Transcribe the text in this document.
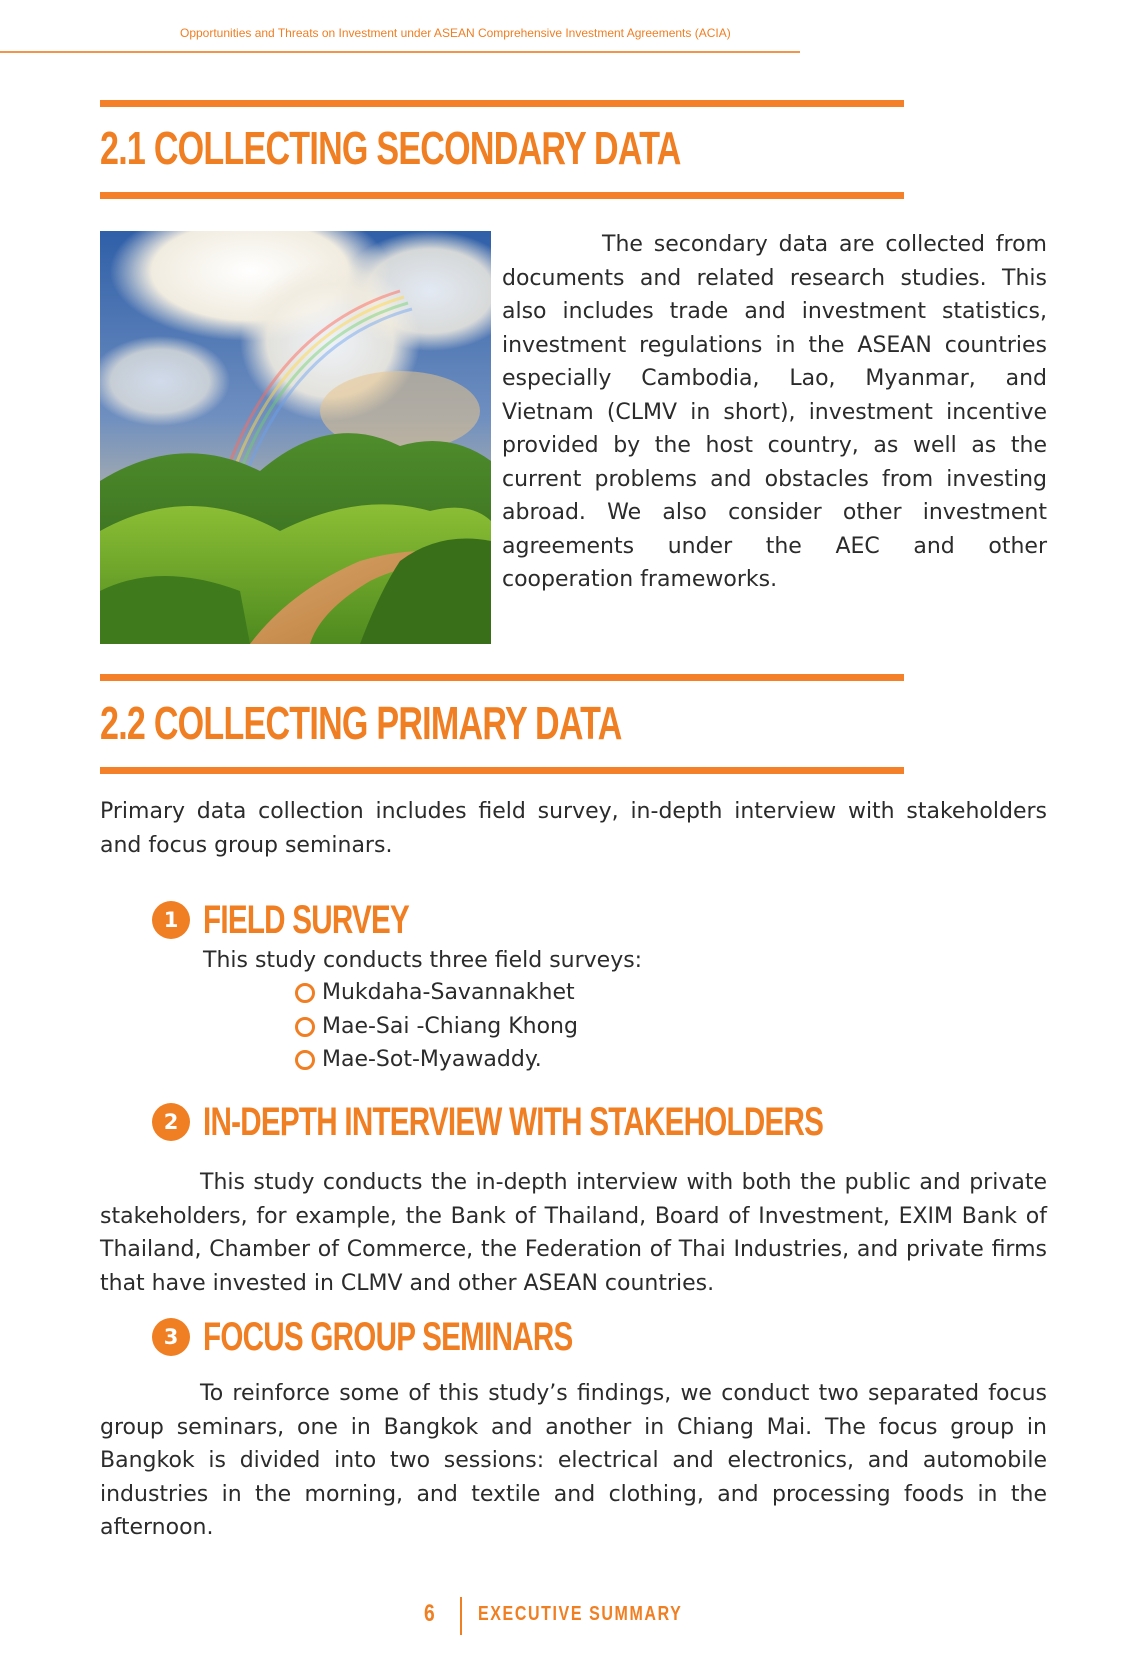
Opportunities and Threats on Investment under ASEAN Comprehensive Investment Agreements (ACIA)
2.1 COLLECTING SECONDARY DATA

The secondary data are collected from documents and related research studies. This also includes trade and investment statistics, investment regulations in the ASEAN countries especially Cambodia, Lao, Myanmar, and Vietnam (CLMV in short), investment incentive provided by the host country, as well as the current problems and obstacles from investing abroad. We also consider other investment agreements under the AEC and other cooperation frameworks.

2.2 COLLECTING PRIMARY DATA

Primary data collection includes field survey, in-depth interview with stakeholders and focus group seminars.

1 FIELD SURVEY

This study conducts three field surveys:

Mukdaha-Savannakhet
Mae-Sai -Chiang Khong
Mae-Sot-Myawaddy.
2 IN-DEPTH INTERVIEW WITH STAKEHOLDERS

This study conducts the in-depth interview with both the public and private stakeholders, for example, the Bank of Thailand, Board of Investment, EXIM Bank of Thailand, Chamber of Commerce, the Federation of Thai Industries, and private firms that have invested in CLMV and other ASEAN countries.

3 FOCUS GROUP SEMINARS

To reinforce some of this study’s findings, we conduct two separated focus group seminars, one in Bangkok and another in Chiang Mai. The focus group in Bangkok is divided into two sessions: electrical and electronics, and automobile industries in the morning, and textile and clothing, and processing foods in the afternoon.

6 EXECUTIVE SUMMARY
